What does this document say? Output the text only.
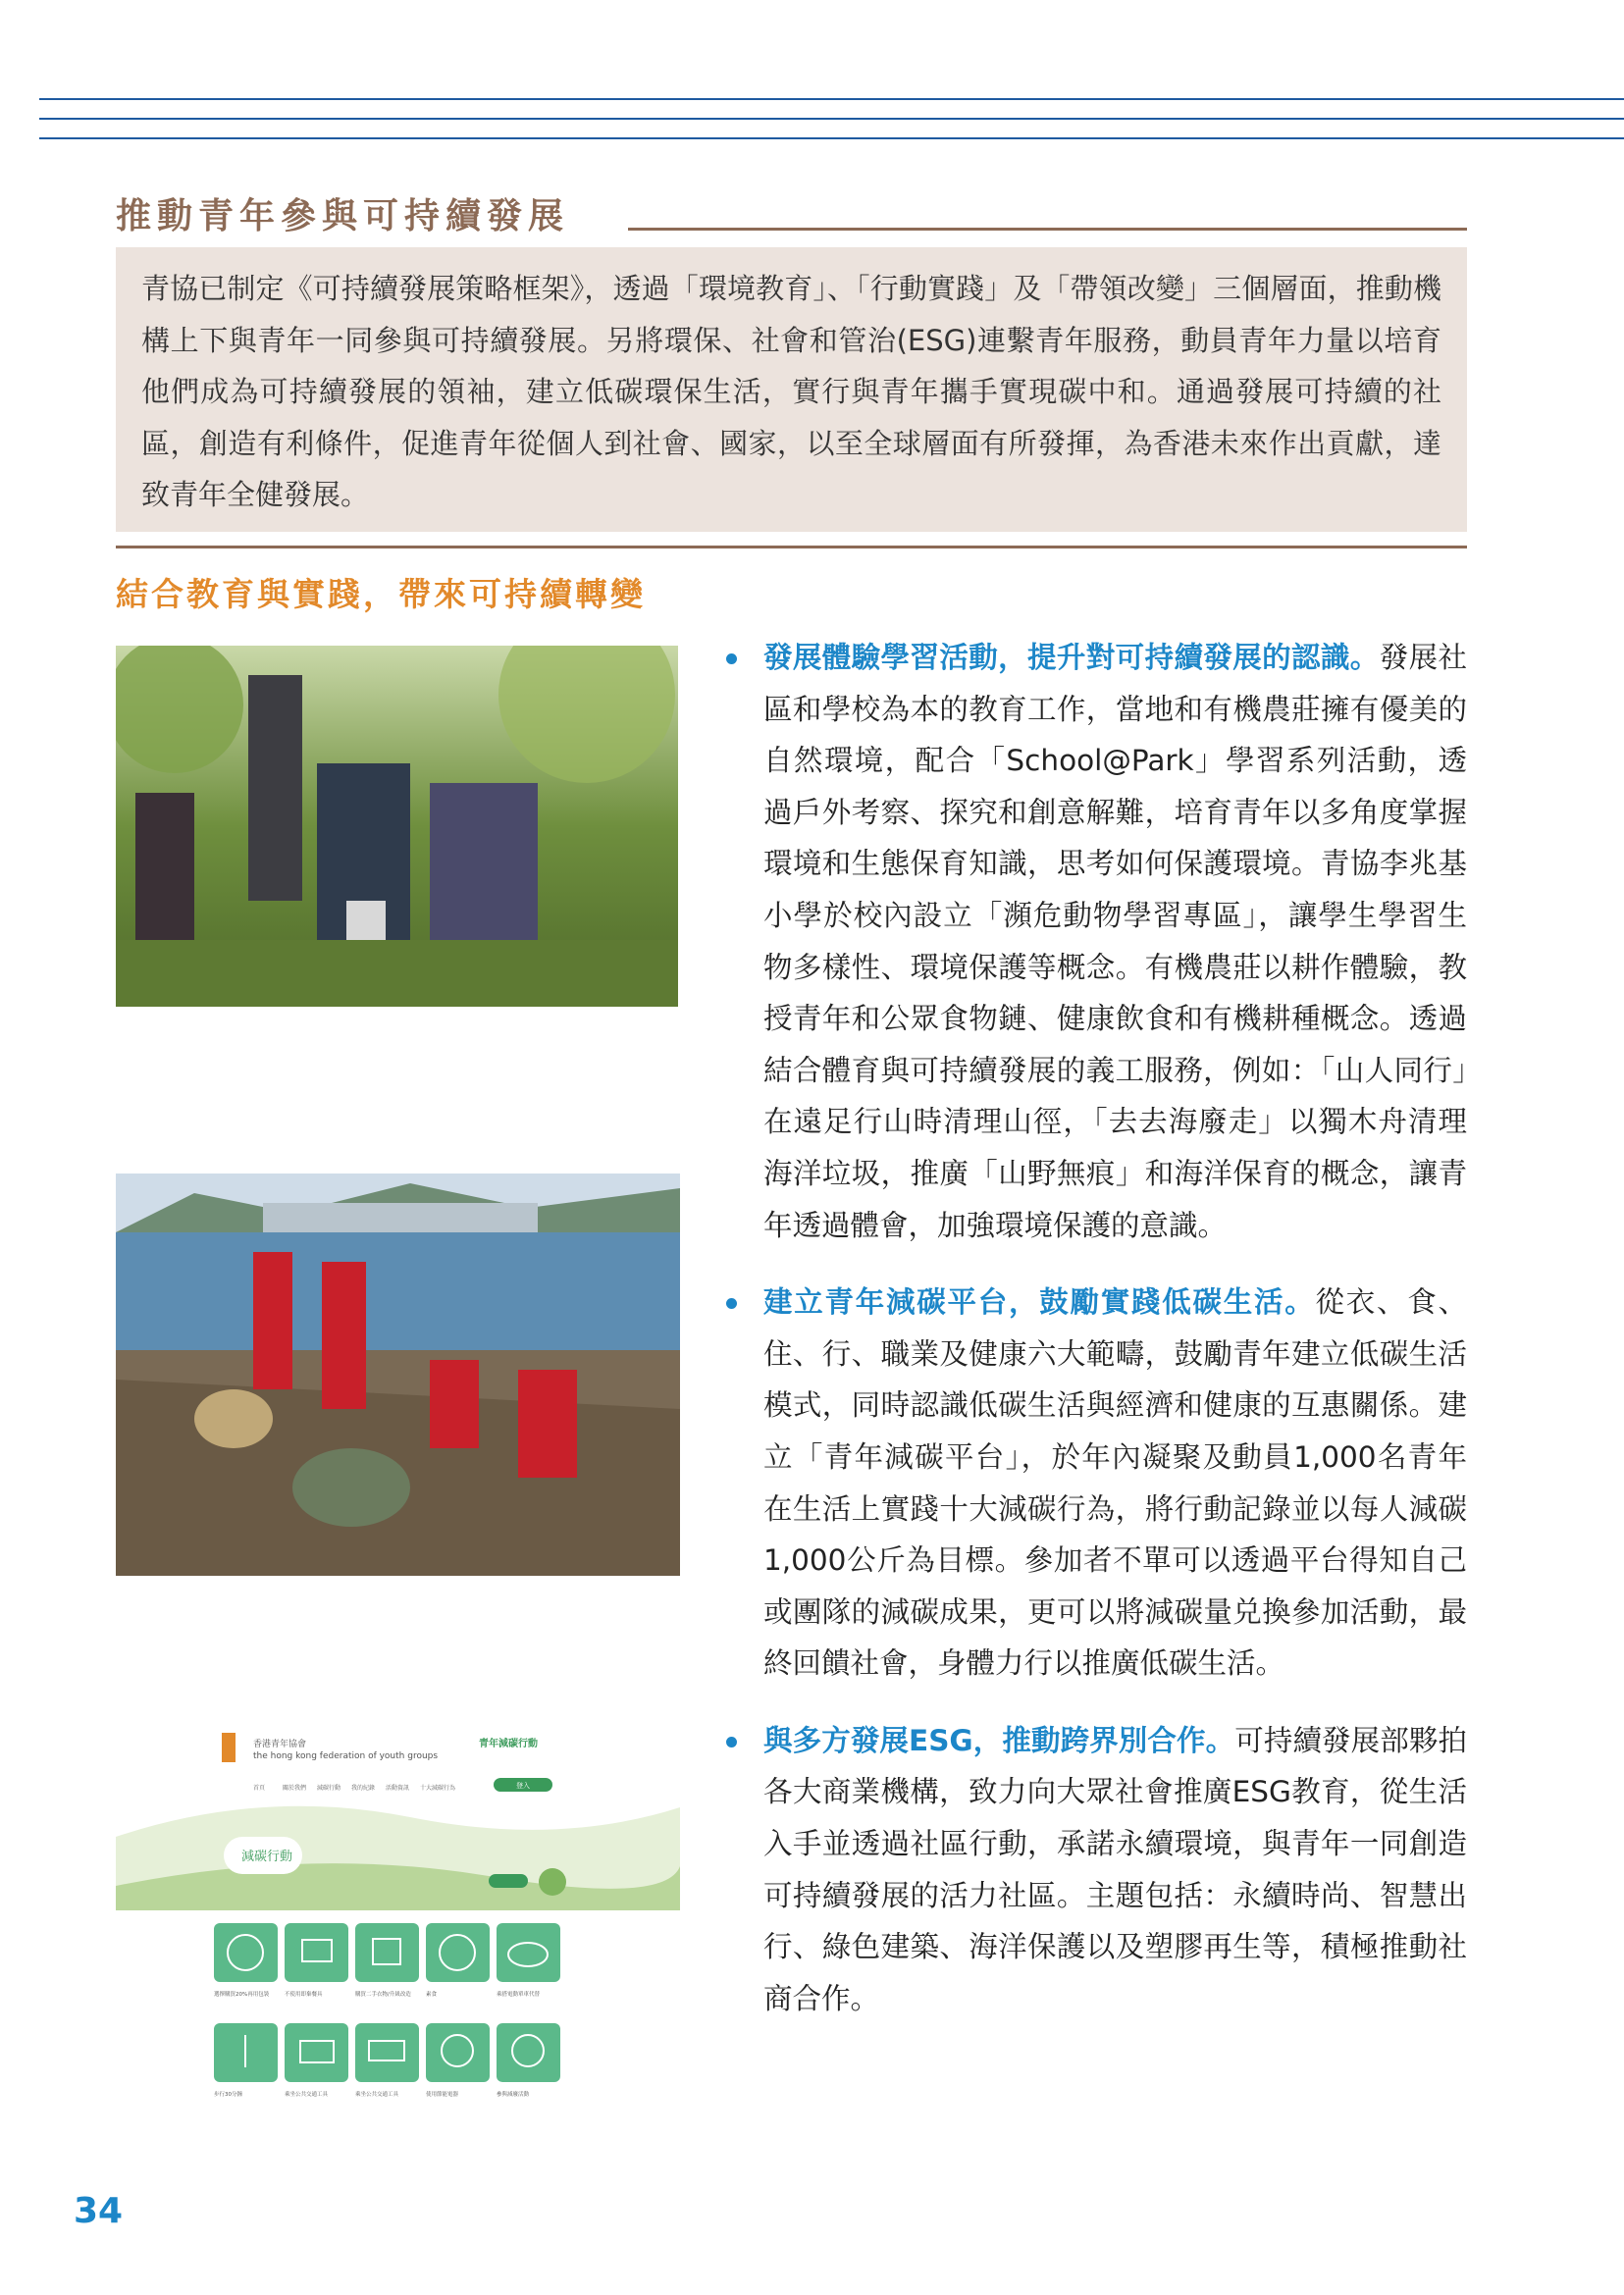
推動青年參與可持續發展
青協已制定《可持續發展策略框架》，透過「環境教育」、「行動實踐」及「帶領改變」三個層面，推動機構上下與青年一同參與可持續發展。另將環保、社會和管治(ESG)連繫青年服務，動員青年力量以培育他們成為可持續發展的領袖，建立低碳環保生活，實行與青年攜手實現碳中和。通過發展可持續的社區，創造有利條件，促進青年從個人到社會、國家，以至全球層面有所發揮，為香港未來作出貢獻，達致青年全健發展。
結合教育與實踐，帶來可持續轉變
香港青年協會
the hong kong federation of youth groups
青年減碳行動
首頁	關於我們 減碳行動 我的紀錄 活動資訊 十大減碳行為	登入
減碳行動
選擇購買20%再用包裝	不使用即棄餐具	購買二手衣物/升級改造	素食	乘搭電動單車代替
步行30分鐘	乘坐公共交通工具	乘坐公共交通工具	使用節能電器	參與減廢活動
發展體驗學習活動，提升對可持續發展的認識。發展社區和學校為本的教育工作，當地和有機農莊擁有優美的自然環境，配合「School@Park」學習系列活動，透過戶外考察、探究和創意解難，培育青年以多角度掌握環境和生態保育知識，思考如何保護環境。青協李兆基小學於校內設立「瀕危動物學習專區」，讓學生學習生物多樣性、環境保護等概念。有機農莊以耕作體驗，教授青年和公眾食物鏈、健康飲食和有機耕種概念。透過結合體育與可持續發展的義工服務，例如：「山人同行」在遠足行山時清理山徑，「去去海廢走」以獨木舟清理海洋垃圾，推廣「山野無痕」和海洋保育的概念，讓青年透過體會，加強環境保護的意識。
建立青年減碳平台，鼓勵實踐低碳生活。從衣、食、住、行、職業及健康六大範疇，鼓勵青年建立低碳生活模式，同時認識低碳生活與經濟和健康的互惠關係。建立「青年減碳平台」，於年內凝聚及動員1,000名青年在生活上實踐十大減碳行為，將行動記錄並以每人減碳1,000公斤為目標。參加者不單可以透過平台得知自己或團隊的減碳成果，更可以將減碳量兑換參加活動，最終回饋社會，身體力行以推廣低碳生活。
與多方發展ESG，推動跨界別合作。可持續發展部夥拍各大商業機構，致力向大眾社會推廣ESG教育，從生活入手並透過社區行動，承諾永續環境，與青年一同創造可持續發展的活力社區。主題包括：永續時尚、智慧出行、綠色建築、海洋保護以及塑膠再生等，積極推動社商合作。
34
